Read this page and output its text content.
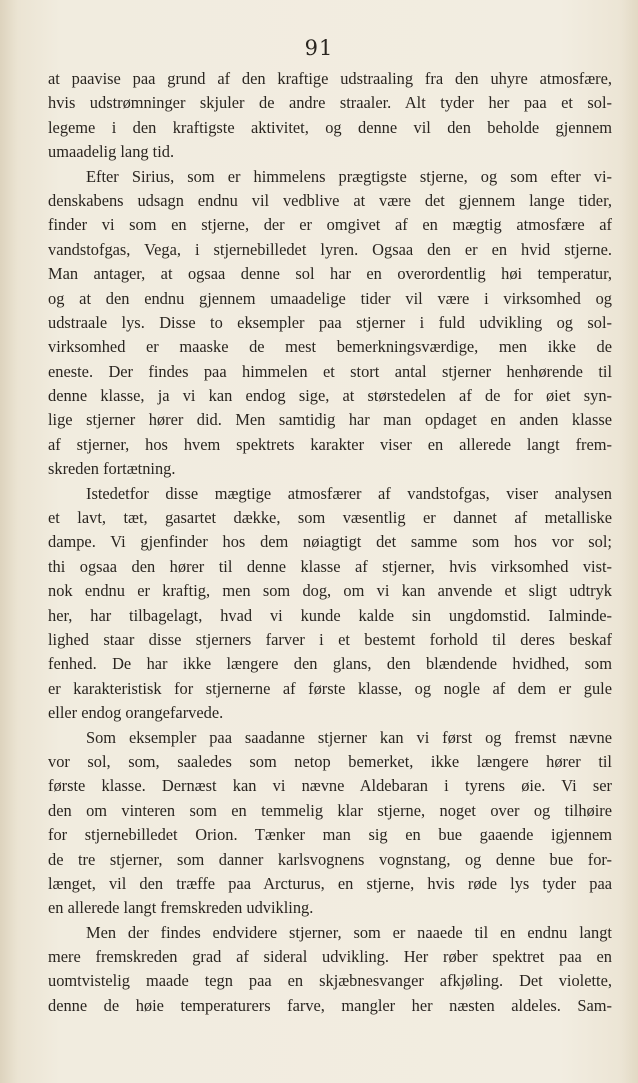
91
at paavise paa grund af den kraftige udstraaling fra den uhyre atmosfære,
hvis udstrømninger skjuler de andre straaler. Alt tyder her paa et sol-
legeme i den kraftigste aktivitet, og denne vil den beholde gjennem
umaadelig lang tid.
Efter Sirius, som er himmelens prægtigste stjerne, og som efter vi-
denskabens udsagn endnu vil vedblive at være det gjennem lange tider,
finder vi som en stjerne, der er omgivet af en mægtig atmosfære af
vandstofgas, Vega, i stjernebilledet lyren. Ogsaa den er en hvid stjerne.
Man antager, at ogsaa denne sol har en overordentlig høi temperatur,
og at den endnu gjennem umaadelige tider vil være i virksomhed og
udstraale lys. Disse to eksempler paa stjerner i fuld udvikling og sol-
virksomhed er maaske de mest bemerkningsværdige, men ikke de
eneste. Der findes paa himmelen et stort antal stjerner henhørende til
denne klasse, ja vi kan endog sige, at størstedelen af de for øiet syn-
lige stjerner hører did. Men samtidig har man opdaget en anden klasse
af stjerner, hos hvem spektrets karakter viser en allerede langt frem-
skreden fortætning.
Istedetfor disse mægtige atmosfærer af vandstofgas, viser analysen
et lavt, tæt, gasartet dække, som væsentlig er dannet af metalliske
dampe. Vi gjenfinder hos dem nøiagtigt det samme som hos vor sol;
thi ogsaa den hører til denne klasse af stjerner, hvis virksomhed vist-
nok endnu er kraftig, men som dog, om vi kan anvende et sligt udtryk
her, har tilbagelagt, hvad vi kunde kalde sin ungdomstid. Ialminde-
lighed staar disse stjerners farver i et bestemt forhold til deres beskaf
fenhed. De har ikke længere den glans, den blændende hvidhed, som
er karakteristisk for stjernerne af første klasse, og nogle af dem er gule
eller endog orangefarvede.
Som eksempler paa saadanne stjerner kan vi først og fremst nævne
vor sol, som, saaledes som netop bemerket, ikke længere hører til
første klasse. Dernæst kan vi nævne Aldebaran i tyrens øie. Vi ser
den om vinteren som en temmelig klar stjerne, noget over og tilhøire
for stjernebilledet Orion. Tænker man sig en bue gaaende igjennem
de tre stjerner, som danner karlsvognens vognstang, og denne bue for-
længet, vil den træffe paa Arcturus, en stjerne, hvis røde lys tyder paa
en allerede langt fremskreden udvikling.
Men der findes endvidere stjerner, som er naaede til en endnu langt
mere fremskreden grad af sideral udvikling. Her røber spektret paa en
uomtvistelig maade tegn paa en skjæbnesvanger afkjøling. Det violette,
denne de høie temperaturers farve, mangler her næsten aldeles. Sam-
